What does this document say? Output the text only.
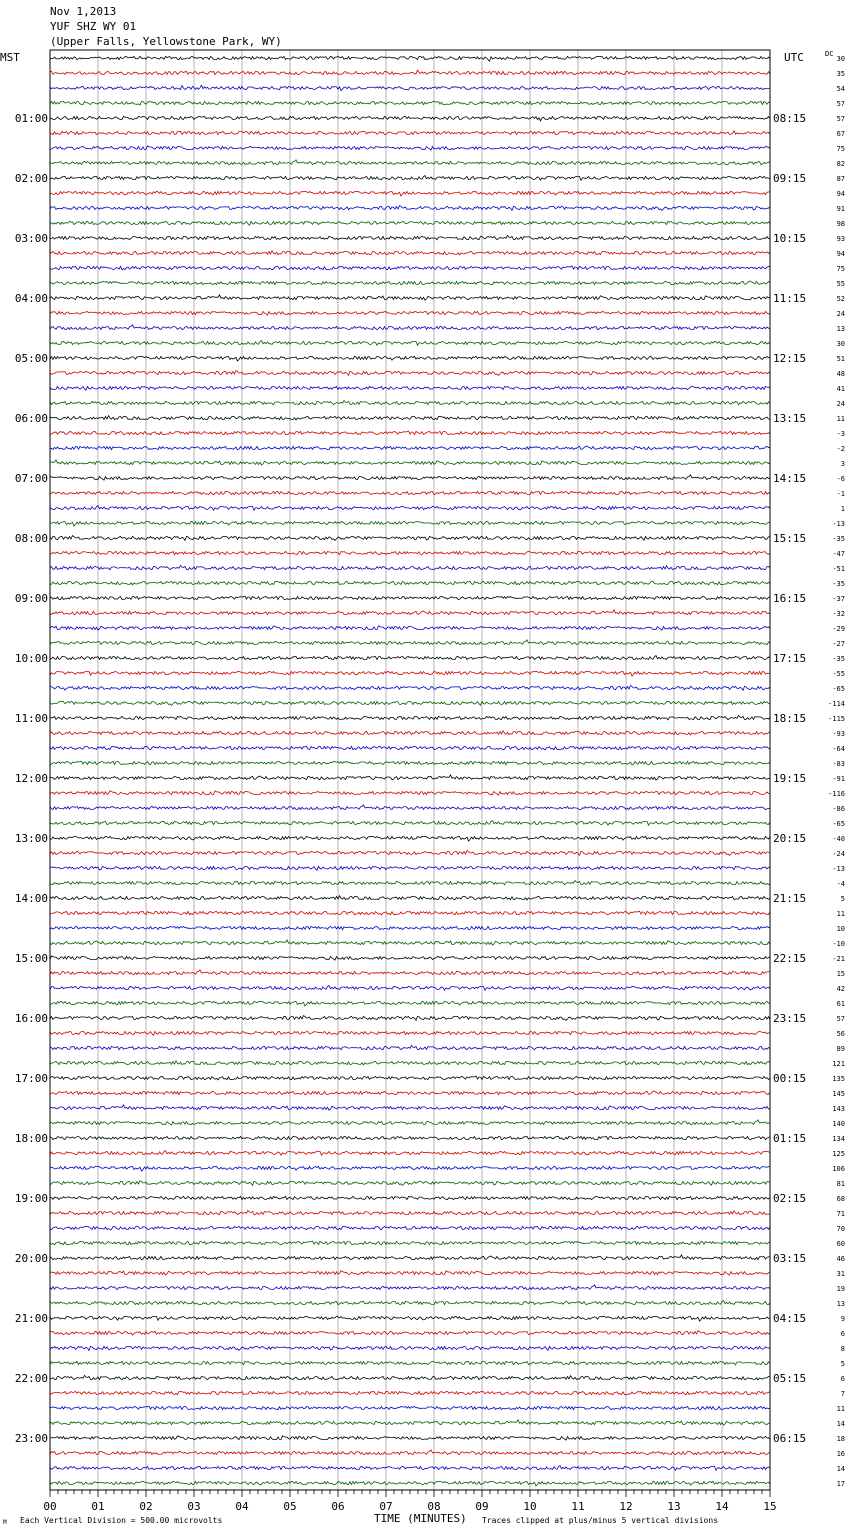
Nov 1,2013
YUF SHZ WY 01
(Upper Falls, Yellowstone Park, WY)
30
35
54
57
57
67
75
82
87
94
91
98
93
94
75
55
52
24
13
30
51
48
41
24
11
-3
-2
3
-6
-1
1
-13
-35
-47
-51
-35
-37
-32
-29
-27
-35
-55
-65
-114
-115
-93
-64
-83
-91
-116
-86
-65
-40
-24
-13
-4
5
11
10
-10
-21
15
42
61
57
56
89
121
135
145
143
140
134
125
106
81
68
71
70
60
46
31
19
13
9
6
8
5
6
7
11
14
18
16
14
17
01:00
02:00
03:00
04:00
05:00
06:00
07:00
08:00
09:00
10:00
11:00
12:00
13:00
14:00
15:00
16:00
17:00
18:00
19:00
20:00
21:00
22:00
23:00
08:15
09:15
10:15
11:15
12:15
13:15
14:15
15:15
16:15
17:15
18:15
19:15
20:15
21:15
22:15
23:15
00:15
01:15
02:15
03:15
04:15
05:15
06:15
00	01	02	03	04	05	06	07	08	09	10	11	12	13	14	15
MST	UTC	DC
M Each Vertical Division = 500.00 microvolts	TIME (MINUTES) Traces clipped at plus/minus 5 vertical divisions
